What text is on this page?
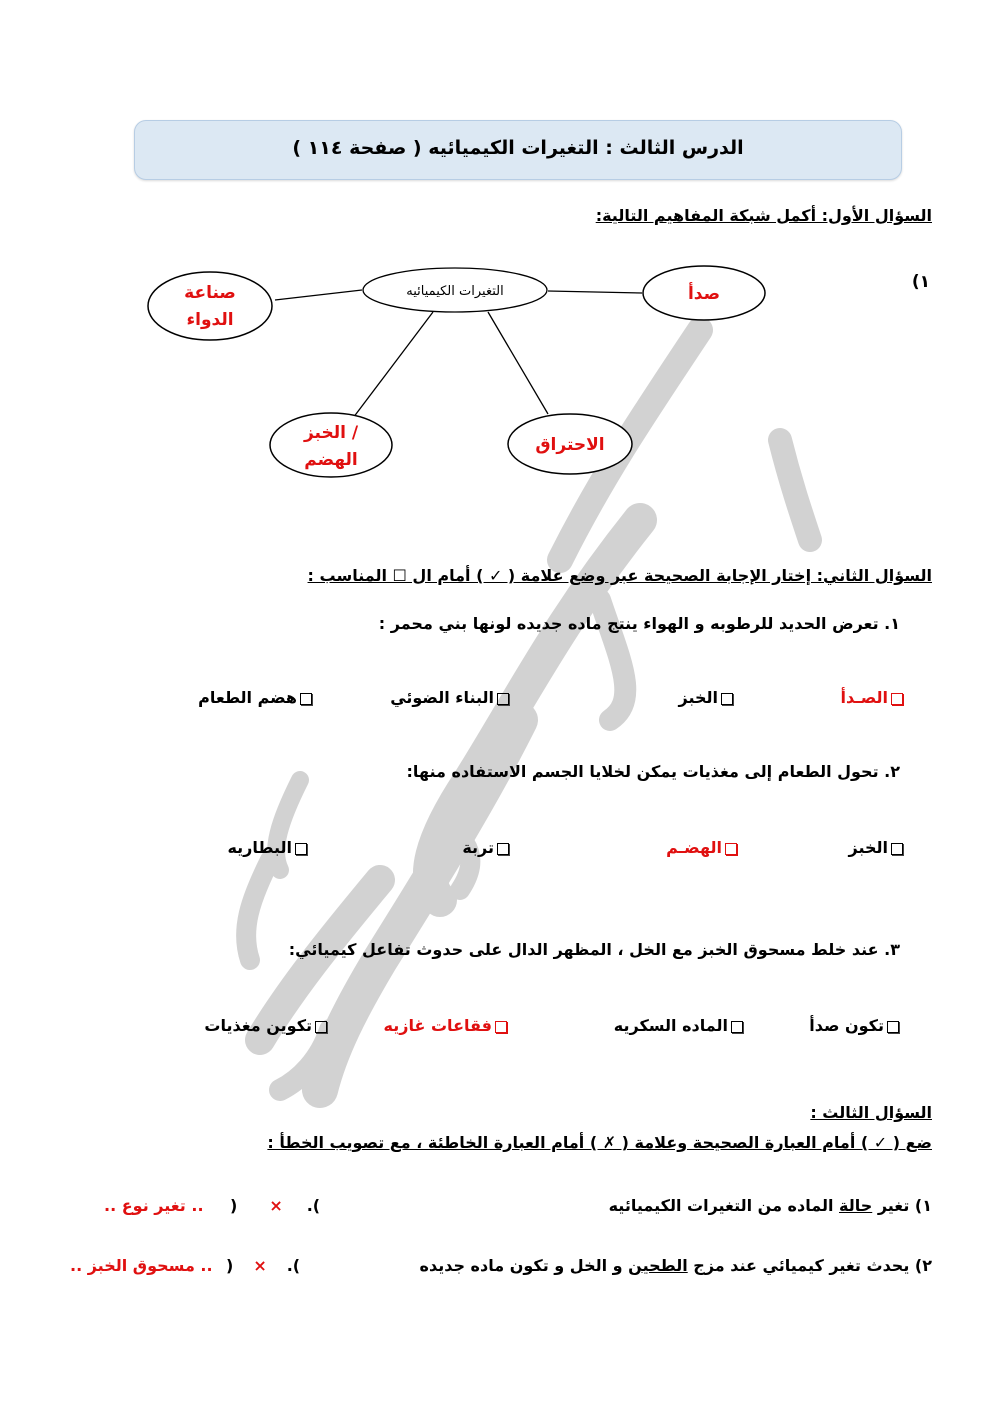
الدرس الثالث : التغيرات الكيميائيه ( صفحة ١١٤ )
السؤال الأول: أكمل شبكة المفاهيم التالية:
١)
التغيرات الكيميائيه	صدأ
صناعة
الدواء
الاحتراق
الخبز /
الهضم
السؤال الثاني: إختار الإجابة الصحيحة عبر وضع علامة ( ✓ ) أمام ال ☐ المناسب :
١. تعرض الحديد للرطوبه و الهواء ينتج ماده جديده لونها بني محمر :
الصـدأ
الخبز
البناء الضوئي
هضم الطعام
٢. تحول الطعام إلى مغذيات يمكن لخلايا الجسم الاستفاده منها:
الخبز
الهضـم
تربة
البطاريه
٣. عند خلط مسحوق الخبز مع الخل ، المظهر الدال على حدوث تفاعل كيميائي:
تكون صدأ
الماده السكريه
فقاعات غازيه
تكوين مغذيات
السؤال الثالث :
ضع ( ✓ ) أمام العبارة الصحيحة وعلامة ( ✗ ) أمام العبارة الخاطئة ، مع تصويب الخطأ :
١) تغير حالة الماده من التغيرات الكيميائيه
).×(
.. تغير نوع ..
٢) يحدث تغير كيميائي عند مزج الطحين و الخل و تكون ماده جديده
).×(
.. مسحوق الخبز ..
